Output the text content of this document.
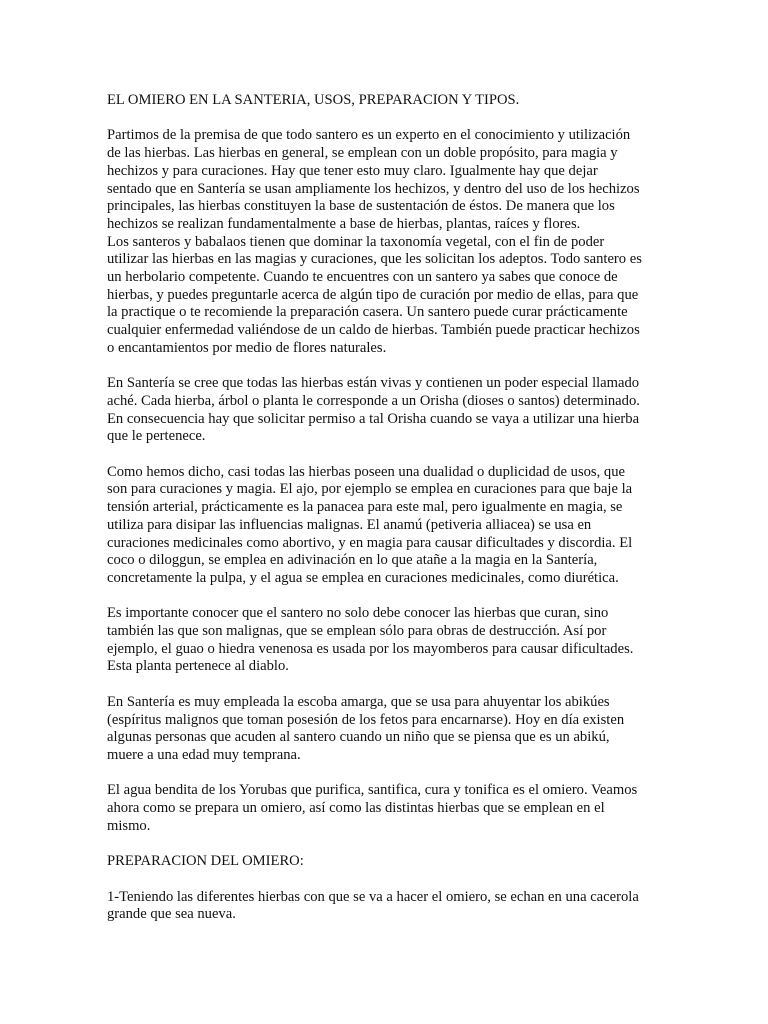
EL OMIERO EN LA SANTERIA, USOS, PREPARACION Y TIPOS.

Partimos de la premisa de que todo santero es un experto en el conocimiento y utilización
de las hierbas. Las hierbas en general, se emplean con un doble propósito, para magia y
hechizos y para curaciones. Hay que tener esto muy claro. Igualmente hay que dejar
sentado que en Santería se usan ampliamente los hechizos, y dentro del uso de los hechizos
principales, las hierbas constituyen la base de sustentación de éstos. De manera que los
hechizos se realizan fundamentalmente a base de hierbas, plantas, raíces y flores.
Los santeros y babalaos tienen que dominar la taxonomía vegetal, con el fin de poder
utilizar las hierbas en las magias y curaciones, que les solicitan los adeptos. Todo santero es
un herbolario competente. Cuando te encuentres con un santero ya sabes que conoce de
hierbas, y puedes preguntarle acerca de algún tipo de curación por medio de ellas, para que
la practique o te recomiende la preparación casera. Un santero puede curar prácticamente
cualquier enfermedad valiéndose de un caldo de hierbas. También puede practicar hechizos
o encantamientos por medio de flores naturales.

En Santería se cree que todas las hierbas están vivas y contienen un poder especial llamado
aché. Cada hierba, árbol o planta le corresponde a un Orisha (dioses o santos) determinado.
En consecuencia hay que solicitar permiso a tal Orisha cuando se vaya a utilizar una hierba
que le pertenece.

Como hemos dicho, casi todas las hierbas poseen una dualidad o duplicidad de usos, que
son para curaciones y magia. El ajo, por ejemplo se emplea en curaciones para que baje la
tensión arterial, prácticamente es la panacea para este mal, pero igualmente en magia, se
utiliza para disipar las influencias malignas. El anamú (petiveria alliacea) se usa en
curaciones medicinales como abortivo, y en magia para causar dificultades y discordia. El
coco o diloggun, se emplea en adivinación en lo que atañe a la magia en la Santería,
concretamente la pulpa, y el agua se emplea en curaciones medicinales, como diurética.

Es importante conocer que el santero no solo debe conocer las hierbas que curan, sino
también las que son malignas, que se emplean sólo para obras de destrucción. Así por
ejemplo, el guao o hiedra venenosa es usada por los mayomberos para causar dificultades.
Esta planta pertenece al diablo.

En Santería es muy empleada la escoba amarga, que se usa para ahuyentar los abikúes
(espíritus malignos que toman posesión de los fetos para encarnarse). Hoy en día existen
algunas personas que acuden al santero cuando un niño que se piensa que es un abikú,
muere a una edad muy temprana.

El agua bendita de los Yorubas que purifica, santifica, cura y tonifica es el omiero. Veamos
ahora como se prepara un omiero, así como las distintas hierbas que se emplean en el
mismo.

PREPARACION DEL OMIERO:

1-Teniendo las diferentes hierbas con que se va a hacer el omiero, se echan en una cacerola
grande que sea nueva.
